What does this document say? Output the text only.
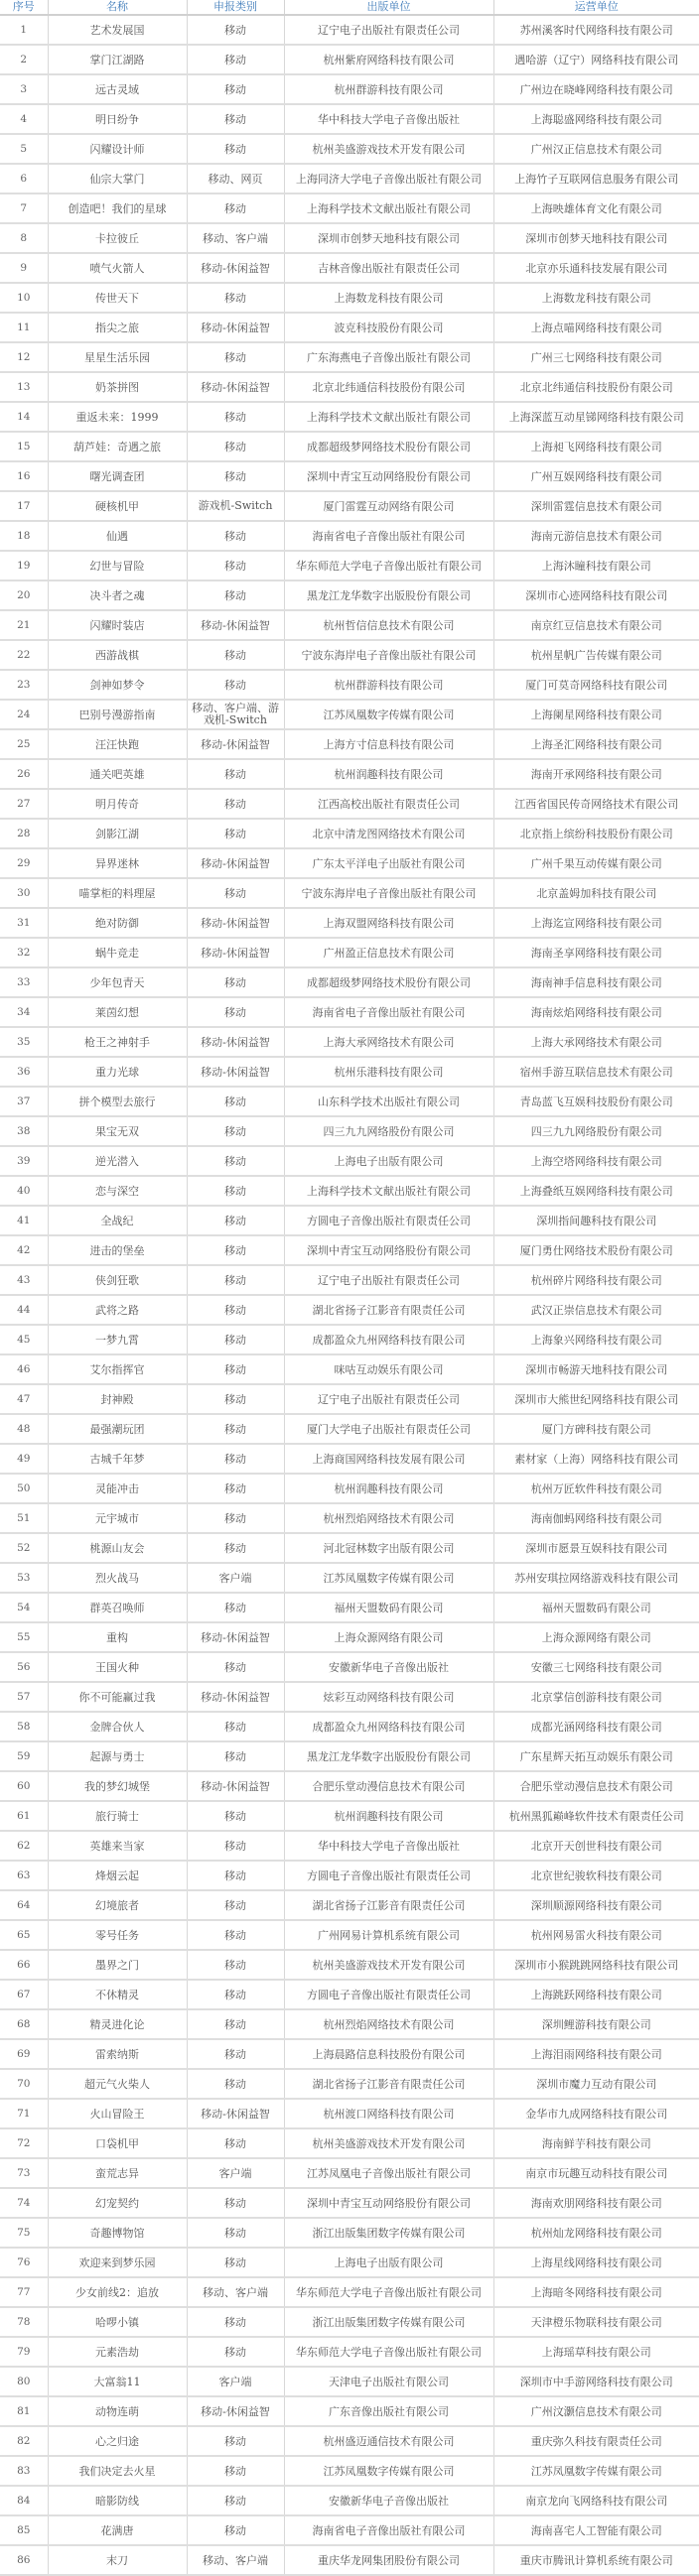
序号	名称	申报类别	出版单位	运营单位
1	艺术发展国	移动	辽宁电子出版社有限责任公司	苏州溪客时代网络科技有限公司
2	掌门江湖路	移动	杭州紫府网络科技有限公司	遇哈游（辽宁）网络科技有限公司
3	远古灵域	移动	杭州群游科技有限公司	广州边在晓峰网络科技有限公司
4	明日纷争	移动	华中科技大学电子音像出版社	上海聪盛网络科技有限公司
5	闪耀设计师	移动	杭州美盛游戏技术开发有限公司	广州汉正信息技术有限公司
6	仙宗大掌门	移动、网页	上海同济大学电子音像出版社有限公司	上海竹子互联网信息服务有限公司
7	创造吧！我们的星球	移动	上海科学技术文献出版社有限公司	上海映雄体育文化有限公司
8	卡拉彼丘	移动、客户端	深圳市创梦天地科技有限公司	深圳市创梦天地科技有限公司
9	喷气火箭人	移动-休闲益智	吉林音像出版社有限责任公司	北京亦乐通科技发展有限公司
10	传世天下	移动	上海数龙科技有限公司	上海数龙科技有限公司
11	指尖之旅	移动-休闲益智	波克科技股份有限公司	上海点喵网络科技有限公司
12	星星生活乐园	移动	广东海燕电子音像出版社有限公司	广州三七网络科技有限公司
13	奶茶拼图	移动-休闲益智	北京北纬通信科技股份有限公司	北京北纬通信科技股份有限公司
14	重返未来：1999	移动	上海科学技术文献出版社有限公司	上海深蓝互动星锑网络科技有限公司
15	葫芦娃：奇遇之旅	移动	成都超级梦网络技术股份有限公司	上海昶飞网络科技有限公司
16	曙光调查团	移动	深圳中青宝互动网络股份有限公司	广州互娱网络科技有限公司
17	硬核机甲	游戏机-Switch	厦门雷霆互动网络有限公司	深圳雷霆信息技术有限公司
18	仙遇	移动	海南省电子音像出版社有限公司	海南元游信息技术有限公司
19	幻世与冒险	移动	华东师范大学电子音像出版社有限公司	上海沐瞳科技有限公司
20	决斗者之魂	移动	黑龙江龙华数字出版股份有限公司	深圳市心迹网络科技有限公司
21	闪耀时装店	移动-休闲益智	杭州哲信信息技术有限公司	南京红豆信息技术有限公司
22	西游战棋	移动	宁波东海岸电子音像出版社有限公司	杭州星帆广告传媒有限公司
23	剑神如梦令	移动	杭州群游科技有限公司	厦门可莫奇网络科技有限公司
24	巴别号漫游指南	移动、客户端、游戏机-Switch	江苏凤凰数字传媒有限公司	上海阑星网络科技有限公司
25	汪汪快跑	移动-休闲益智	上海方寸信息科技有限公司	上海圣汇网络科技有限公司
26	通关吧英雄	移动	杭州润趣科技有限公司	海南开承网络科技有限公司
27	明月传奇	移动	江西高校出版社有限责任公司	江西省国民传奇网络技术有限公司
28	剑影江湖	移动	北京中清龙图网络技术有限公司	北京指上缤纷科技股份有限公司
29	异界迷林	移动-休闲益智	广东太平洋电子出版社有限公司	广州千果互动传媒有限公司
30	喵掌柜的料理屋	移动	宁波东海岸电子音像出版社有限公司	北京盖姆加科技有限公司
31	绝对防御	移动-休闲益智	上海双盟网络科技有限公司	上海迄宣网络科技有限公司
32	蜗牛竞走	移动-休闲益智	广州盈正信息技术有限公司	海南圣享网络科技有限公司
33	少年包青天	移动	成都超级梦网络技术股份有限公司	海南神手信息科技有限公司
34	莱茵幻想	移动	海南省电子音像出版社有限公司	海南炫焰网络科技有限公司
35	枪王之神射手	移动-休闲益智	上海大承网络技术有限公司	上海大承网络技术有限公司
36	重力光球	移动-休闲益智	杭州乐港科技有限公司	宿州手游互联信息技术有限公司
37	拼个模型去旅行	移动	山东科学技术出版社有限公司	青岛蓝飞互娱科技股份有限公司
38	果宝无双	移动	四三九九网络股份有限公司	四三九九网络股份有限公司
39	逆光潜入	移动	上海电子出版有限公司	上海空塔网络科技有限公司
40	恋与深空	移动	上海科学技术文献出版社有限公司	上海叠纸互娱网络科技有限公司
41	全战纪	移动	方圆电子音像出版社有限责任公司	深圳指间趣科技有限公司
42	进击的堡垒	移动	深圳中青宝互动网络股份有限公司	厦门勇仕网络技术股份有限公司
43	侠剑狂歌	移动	辽宁电子出版社有限责任公司	杭州碎片网络科技有限公司
44	武将之路	移动	湖北省扬子江影音有限责任公司	武汉正崇信息技术有限公司
45	一梦九霄	移动	成都盈众九州网络科技有限公司	上海象兴网络科技有限公司
46	艾尔指挥官	移动	咪咕互动娱乐有限公司	深圳市畅游天地科技有限公司
47	封神殿	移动	辽宁电子出版社有限责任公司	深圳市大熊世纪网络科技有限公司
48	最强潮玩团	移动	厦门大学电子出版社有限责任公司	厦门方碑科技有限公司
49	古城千年梦	移动	上海商国网络科技发展有限公司	素材家（上海）网络科技有限公司
50	灵能冲击	移动	杭州润趣科技有限公司	杭州万匠软件科技有限公司
51	元宇城市	移动	杭州烈焰网络技术有限公司	海南伽蚂网络科技有限公司
52	桃源山友会	移动	河北冠林数字出版有限公司	深圳市愿景互娱科技有限公司
53	烈火战马	客户端	江苏凤凰数字传媒有限公司	苏州安琪拉网络游戏科技有限公司
54	群英召唤师	移动	福州天盟数码有限公司	福州天盟数码有限公司
55	重构	移动-休闲益智	上海众源网络有限公司	上海众源网络有限公司
56	王国火种	移动	安徽新华电子音像出版社	安徽三七网络科技有限公司
57	你不可能赢过我	移动-休闲益智	炫彩互动网络科技有限公司	北京掌信创游科技有限公司
58	金牌合伙人	移动	成都盈众九州网络科技有限公司	成都光涵网络科技有限公司
59	起源与勇士	移动	黑龙江龙华数字出版股份有限公司	广东星辉天拓互动娱乐有限公司
60	我的梦幻城堡	移动-休闲益智	合肥乐堂动漫信息技术有限公司	合肥乐堂动漫信息技术有限公司
61	旅行骑士	移动	杭州润趣科技有限公司	杭州黑狐巅峰软件技术有限责任公司
62	英雄来当家	移动	华中科技大学电子音像出版社	北京开天创世科技有限公司
63	烽烟云起	移动	方圆电子音像出版社有限责任公司	北京世纪骏软科技有限公司
64	幻境旅者	移动	湖北省扬子江影音有限责任公司	深圳顺源网络科技有限公司
65	零号任务	移动	广州网易计算机系统有限公司	杭州网易雷火科技有限公司
66	墨界之门	移动	杭州美盛游戏技术开发有限公司	深圳市小猴跳跳网络科技有限公司
67	不休精灵	移动	方圆电子音像出版社有限责任公司	上海跳跃网络科技有限公司
68	精灵进化论	移动	杭州烈焰网络技术有限公司	深圳鲤游科技有限公司
69	雷索纳斯	移动	上海晨路信息科技股份有限公司	上海泪雨网络科技有限公司
70	超元气火柴人	移动	湖北省扬子江影音有限责任公司	深圳市魔力互动有限公司
71	火山冒险王	移动-休闲益智	杭州渡口网络科技有限公司	金华市九成网络科技有限公司
72	口袋机甲	移动	杭州美盛游戏技术开发有限公司	海南鲜芋科技有限公司
73	蛮荒志异	客户端	江苏凤凰电子音像出版社有限公司	南京市玩趣互动科技有限公司
74	幻宠契约	移动	深圳中青宝互动网络股份有限公司	海南欢朋网络科技有限公司
75	奇趣博物馆	移动	浙江出版集团数字传媒有限公司	杭州灿龙网络科技有限公司
76	欢迎来到梦乐园	移动	上海电子出版有限公司	上海星线网络科技有限公司
77	少女前线2：追放	移动、客户端	华东师范大学电子音像出版社有限公司	上海暗冬网络科技有限公司
78	哈啰小镇	移动	浙江出版集团数字传媒有限公司	天津橙乐物联科技有限公司
79	元素浩劫	移动	华东师范大学电子音像出版社有限公司	上海瑶草科技有限公司
80	大富翁11	客户端	天津电子出版社有限公司	深圳市中手游网络科技有限公司
81	动物连萌	移动-休闲益智	广东音像出版社有限公司	广州汶灏信息技术有限公司
82	心之归途	移动	杭州盛迈通信技术有限公司	重庆弥久科技有限责任公司
83	我们决定去火星	移动	江苏凤凰数字传媒有限公司	江苏凤凰数字传媒有限公司
84	暗影防线	移动	安徽新华电子音像出版社	南京龙向飞网络科技有限公司
85	花满唐	移动	海南省电子音像出版社有限公司	海南喜宅人工智能有限公司
86	末刀	移动、客户端	重庆华龙网集团股份有限公司	重庆市腾讯计算机系统有限公司
